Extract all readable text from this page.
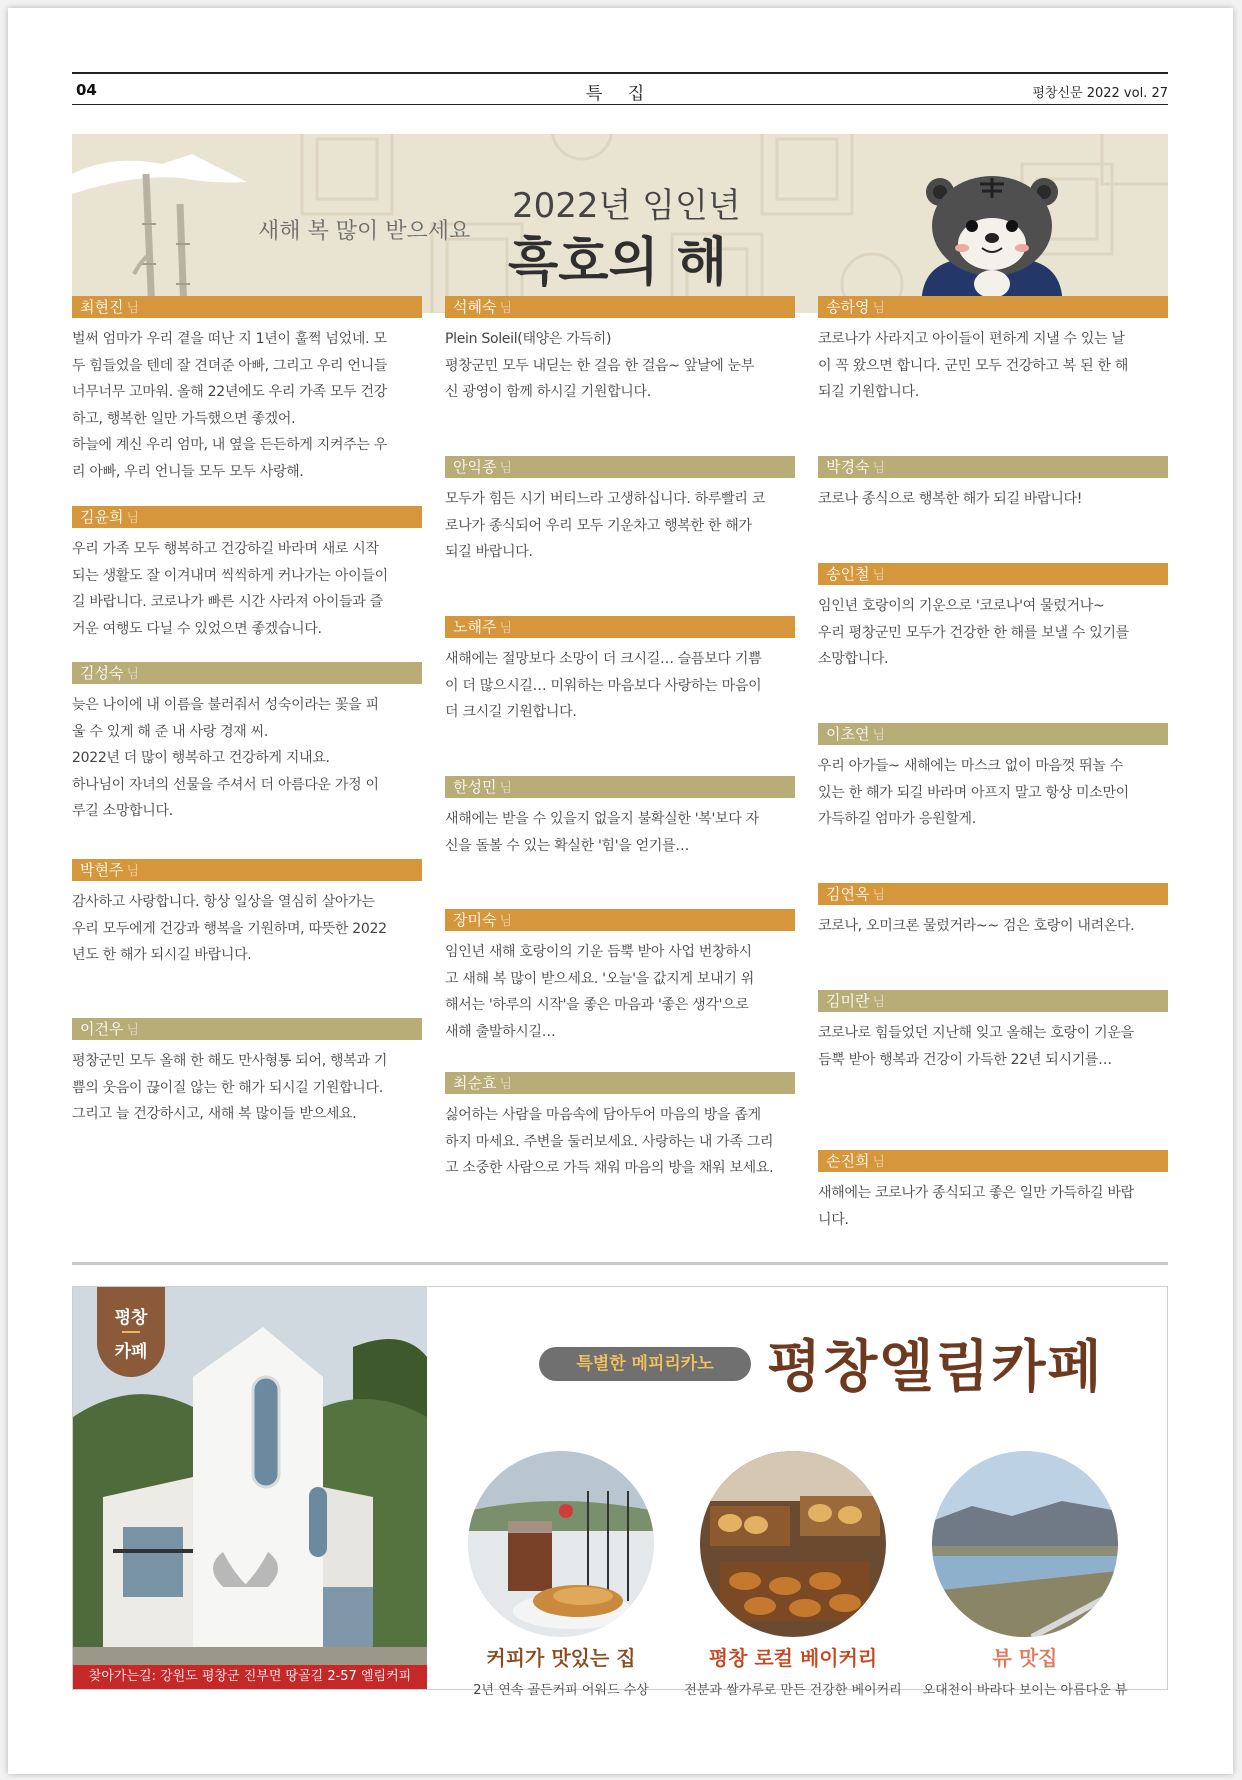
04	특 집	평창신문 2022 vol. 27
새해 복 많이 받으세요
2022년 임인년
흑호의 해
최현진 님
벌써 엄마가 우리 곁을 떠난 지 1년이 훌쩍 넘었네. 모
두 힘들었을 텐데 잘 견뎌준 아빠, 그리고 우리 언니들
너무너무 고마워. 올해 22년에도 우리 가족 모두 건강
하고, 행복한 일만 가득했으면 좋겠어.
하늘에 계신 우리 엄마, 내 옆을 든든하게 지켜주는 우
리 아빠, 우리 언니들 모두 모두 사랑해.
김윤희 님
우리 가족 모두 행복하고 건강하길 바라며 새로 시작
되는 생활도 잘 이겨내며 씩씩하게 커나가는 아이들이
길 바랍니다. 코로나가 빠른 시간 사라져 아이들과 즐
거운 여행도 다닐 수 있었으면 좋겠습니다.
김성숙 님
늦은 나이에 내 이름을 불러줘서 성숙이라는 꽃을 피
울 수 있게 해 준 내 사랑 경재 씨.
2022년 더 많이 행복하고 건강하게 지내요.
하나님이 자녀의 선물을 주셔서 더 아름다운 가정 이
루길 소망합니다.
박현주 님
감사하고 사랑합니다. 항상 일상을 열심히 살아가는
우리 모두에게 건강과 행복을 기원하며, 따뜻한 2022
년도 한 해가 되시길 바랍니다.
이건우 님
평창군민 모두 올해 한 해도 만사형통 되어, 행복과 기
쁨의 웃음이 끊이질 않는 한 해가 되시길 기원합니다.
그리고 늘 건강하시고, 새해 복 많이들 받으세요.
석혜숙 님
Plein Soleil(태양은 가득히)
평창군민 모두 내딛는 한 걸음 한 걸음~ 앞날에 눈부
신 광영이 함께 하시길 기원합니다.
안익종 님
모두가 힘든 시기 버티느라 고생하십니다. 하루빨리 코
로나가 종식되어 우리 모두 기운차고 행복한 한 해가
되길 바랍니다.
노해주 님
새해에는 절망보다 소망이 더 크시길… 슬픔보다 기쁨
이 더 많으시길… 미워하는 마음보다 사랑하는 마음이
더 크시길 기원합니다.
한성민 님
새해에는 받을 수 있을지 없을지 불확실한 '복'보다 자
신을 돌볼 수 있는 확실한 '힘'을 얻기를…
장미숙 님
임인년 새해 호랑이의 기운 듬뿍 받아 사업 번창하시
고 새해 복 많이 받으세요. '오늘'을 값지게 보내기 위
해서는 '하루의 시작'을 좋은 마음과 '좋은 생각'으로
새해 출발하시길…
최순효 님
싫어하는 사람을 마음속에 담아두어 마음의 방을 좁게
하지 마세요. 주변을 둘러보세요. 사랑하는 내 가족 그리
고 소중한 사람으로 가득 채워 마음의 방을 채워 보세요.
송하영 님
코로나가 사라지고 아이들이 편하게 지낼 수 있는 날
이 꼭 왔으면 합니다. 군민 모두 건강하고 복 된 한 해
되길 기원합니다.
박경숙 님
코로나 종식으로 행복한 해가 되길 바랍니다!
송인철 님
임인년 호랑이의 기운으로 '코로나'여 물렀거나~
우리 평창군민 모두가 건강한 한 해를 보낼 수 있기를
소망합니다.
이초연 님
우리 아가들~ 새해에는 마스크 없이 마음껏 뛰놀 수
있는 한 해가 되길 바라며 아프지 말고 항상 미소만이
가득하길 엄마가 응원할게.
김연옥 님
코로나, 오미크론 물렀거라~~ 검은 호랑이 내려온다.
김미란 님
코로나로 힘들었던 지난해 잊고 올해는 호랑이 기운을
듬뿍 받아 행복과 건강이 가득한 22년 되시기를…
손진희 님
새해에는 코로나가 종식되고 좋은 일만 가득하길 바랍
니다.
평창
카페
찾아가는길: 강원도 평창군 진부면 땅골길 2-57 엘림커피
특별한 메피리카노 평창엘림카페
커피가 맛있는 집
2년 연속 골든커피 어워드 수상
평창 로컬 베이커리
전분과 쌀가루로 만든 건강한 베이커리
뷰 맛집
오대천이 바라다 보이는 아름다운 뷰
